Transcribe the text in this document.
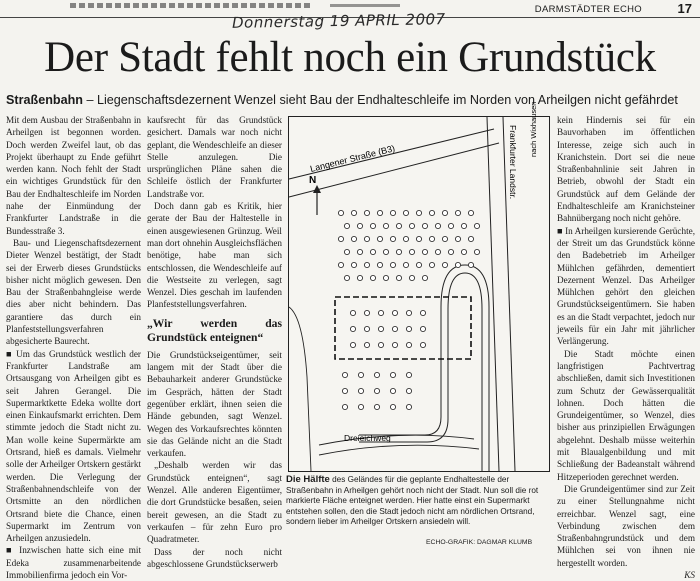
DARMSTÄDTER ECHO	17
Donnerstag 19 APRIL 2007
Der Stadt fehlt noch ein Grundstück
Straßenbahn – Liegenschaftsdezernent Wenzel sieht Bau der Endhalteschleife im Norden von Arheilgen nicht gefährdet

Mit dem Ausbau der Straßenbahn in Arheilgen ist begonnen worden. Doch werden Zweifel laut, ob das Projekt überhaupt zu Ende geführt werden kann. Noch fehlt der Stadt ein wichtiges Grundstück für den Bau der Endhalteschleife im Norden nahe der Einmündung der Frankfurter Landstraße in die Bundesstraße 3.

Bau- und Liegenschaftsdezernent Dieter Wenzel bestätigt, der Stadt sei der Erwerb dieses Grundstücks bisher nicht möglich gewesen. Den Bau der Straßenbahngleise werde dies aber nicht behindern. Das garantiere das durch ein Planfeststellungsverfahren abgesicherte Baurecht.

■ Um das Grundstück westlich der Frankfurter Landstraße am Ortsausgang von Arheilgen gibt es seit Jahren Gerangel. Die Supermarktkette Edeka wollte dort einen Einkaufsmarkt errichten. Dem stimmte jedoch die Stadt nicht zu. Man wolle keine Supermärkte am Ortsrand, hieß es damals. Vielmehr solle der Arheilger Ortskern gestärkt werden. Die Verlegung der Straßenbahnendschleife von der Ortsmitte an den nördlichen Ortsrand biete die Chance, einen Supermarkt im Zentrum von Arheilgen anzusiedeln.

■ Inzwischen hatte sich eine mit Edeka zusammenarbeitende Immobilienfirma jedoch ein Vor-

kaufsrecht für das Grundstück gesichert. Damals war noch nicht geplant, die Wendeschleife an dieser Stelle anzulegen. Die ursprünglichen Pläne sahen die Schleife östlich der Frankfurter Landstraße vor.

Doch dann gab es Kritik, hier gerate der Bau der Haltestelle in einen ausgewiesenen Grünzug. Weil man dort ohnehin Ausgleichsflächen benötige, habe man sich entschlossen, die Wendeschleife auf die Westseite zu verlegen, sagt Wenzel. Dies geschah im laufenden Planfeststellungsverfahren.

„Wir werden das Grundstück enteignen“

Die Grundstückseigentümer, seit langem mit der Stadt über die Bebauharkeit anderer Grundstücke im Gespräch, hätten der Stadt gegenüber erklärt, ihnen seien die Hände gebunden, sagt Wenzel. Wegen des Vorkaufsrechtes könnten sie das Gelände nicht an die Stadt verkaufen.

„Deshalb werden wir das Grundstück enteignen“, sagt Wenzel. Alle anderen Eigentümer, die dort Grundstücke besaßen, seien bereit gewesen, an die Stadt zu verkaufen – für zehn Euro pro Quadratmeter.

Dass der noch nicht abgeschlossene Grundstückserwerb

Langener Straße (B3)	Frankfurter Landstr. nach Wixhausen
N
Dreieichweg
Die Hälfte des Geländes für die geplante Endhaltestelle der Straßenbahn in Arheilgen gehört noch nicht der Stadt. Nun soll die rot markierte Fläche enteignet werden. Hier hatte einst ein Supermarkt entstehen sollen, den die Stadt jedoch nicht am nördlichen Ortsrand, sondern lieber im Arheilger Ortskern ansiedeln will.
ECHO-GRAFIK: DAGMAR KLUMB

kein Hindernis sei für ein Bauvorhaben im öffentlichen Interesse, zeige sich auch in Kranichstein. Dort sei die neue Straßenbahnlinie seit Jahren in Betrieb, obwohl der Stadt ein Grundstück auf dem Gelände der Endhalteschleife am Kranichsteiner Bahnübergang noch nicht gehöre.

■ In Arheilgen kursierende Gerüchte, der Streit um das Grundstück könne den Badebetrieb im Arheilger Mühlchen gefährden, dementiert Dezernent Wenzel. Das Arheilger Mühlchen gehört den gleichen Grundstückseigentümern. Sie haben es an die Stadt verpachtet, jedoch nur jeweils für ein Jahr mit jährlicher Verlängerung.

Die Stadt möchte einen langfristigen Pachtvertrag abschließen, damit sich Investitionen zum Schutz der Gewässerqualität lohnen. Doch hätten die Grundeigentümer, so Wenzel, dies bisher aus prinzipiellen Erwägungen abgelehnt. Deshalb müsse weiterhin mit Blaualgenbildung und mit Schließung der Badeanstalt während Hitzeperioden gerechnet werden.

Die Grundeigentümer sind zur Zeit zu einer Stellungnahme nicht erreichbar. Wenzel sagt, eine Verbindung zwischen dem Straßenbahngrundstück und dem Mühlchen sei von ihnen nie hergestellt worden.

KS
